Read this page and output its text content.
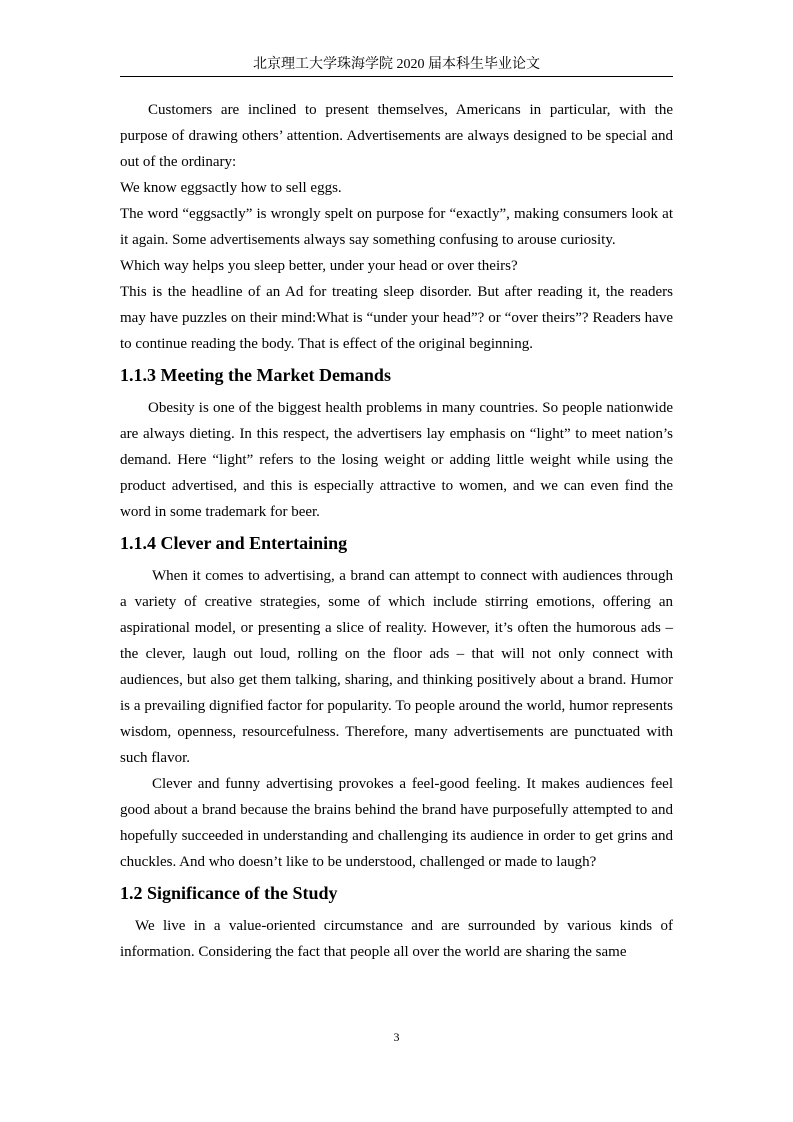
北京理工大学珠海学院 2020 届本科生毕业论文

Customers are inclined to present themselves, Americans in particular, with the purpose of drawing others’ attention. Advertisements are always designed to be special and out of the ordinary:

We know eggsactly how to sell eggs.

The word “eggsactly” is wrongly spelt on purpose for “exactly”, making consumers look at it again. Some advertisements always say something confusing to arouse curiosity.

Which way helps you sleep better, under your head or over theirs?

This is the headline of an Ad for treating sleep disorder. But after reading it, the readers may have puzzles on their mind:What is “under your head”? or “over theirs”? Readers have to continue reading the body. That is effect of the original beginning.

1.1.3 Meeting the Market Demands

Obesity is one of the biggest health problems in many countries. So people nationwide are always dieting. In this respect, the advertisers lay emphasis on “light” to meet nation’s demand. Here “light” refers to the losing weight or adding little weight while using the product advertised, and this is especially attractive to women, and we can even find the word in some trademark for beer.

1.1.4 Clever and Entertaining

When it comes to advertising, a brand can attempt to connect with audiences through a variety of creative strategies, some of which include stirring emotions, offering an aspirational model, or presenting a slice of reality. However, it’s often the humorous ads – the clever, laugh out loud, rolling on the floor ads – that will not only connect with audiences, but also get them talking, sharing, and thinking positively about a brand. Humor is a prevailing dignified factor for popularity. To people around the world, humor represents wisdom, openness, resourcefulness. Therefore, many advertisements are punctuated with such flavor.

Clever and funny advertising provokes a feel-good feeling. It makes audiences feel good about a brand because the brains behind the brand have purposefully attempted to and hopefully succeeded in understanding and challenging its audience in order to get grins and chuckles. And who doesn’t like to be understood, challenged or made to laugh?

1.2 Significance of the Study

We live in a value-oriented circumstance and are surrounded by various kinds of information. Considering the fact that people all over the world are sharing the same

3
